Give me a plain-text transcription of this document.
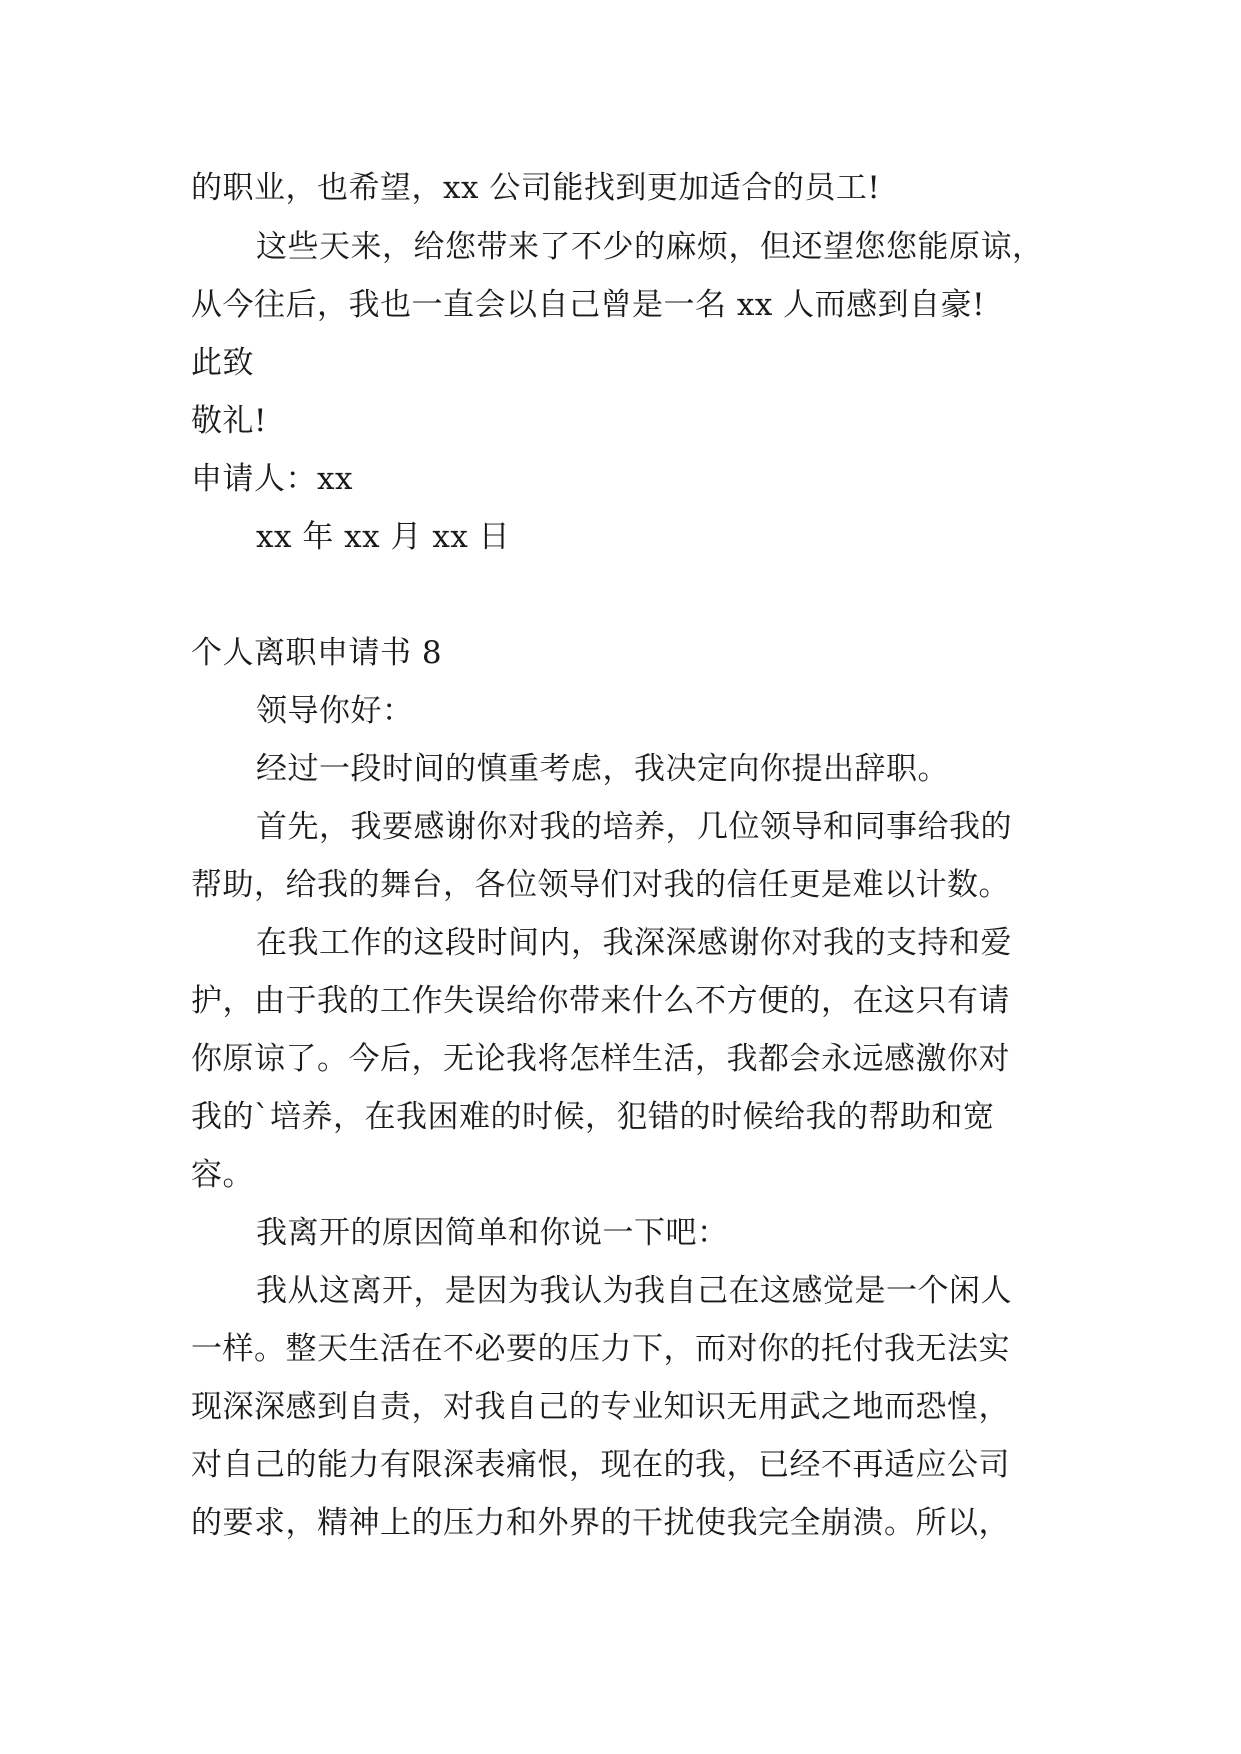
的职业，也希望，xx 公司能找到更加适合的员工!
这些天来，给您带来了不少的麻烦，但还望您您能原谅，
从今往后，我也一直会以自己曾是一名 xx 人而感到自豪!
此致
敬礼!
申请人：xx
xx 年 xx 月 xx 日
个人离职申请书 8
领导你好：
经过一段时间的慎重考虑，我决定向你提出辞职。
首先，我要感谢你对我的培养，几位领导和同事给我的
帮助，给我的舞台，各位领导们对我的信任更是难以计数。
在我工作的这段时间内，我深深感谢你对我的支持和爱
护，由于我的工作失误给你带来什么不方便的，在这只有请
你原谅了。今后，无论我将怎样生活，我都会永远感激你对
我的`培养，在我困难的时候，犯错的时候给我的帮助和宽
容。
我离开的原因简单和你说一下吧：
我从这离开，是因为我认为我自己在这感觉是一个闲人
一样。整天生活在不必要的压力下，而对你的托付我无法实
现深深感到自责，对我自己的专业知识无用武之地而恐惶，
对自己的能力有限深表痛恨，现在的我，已经不再适应公司
的要求，精神上的压力和外界的干扰使我完全崩溃。所以，
